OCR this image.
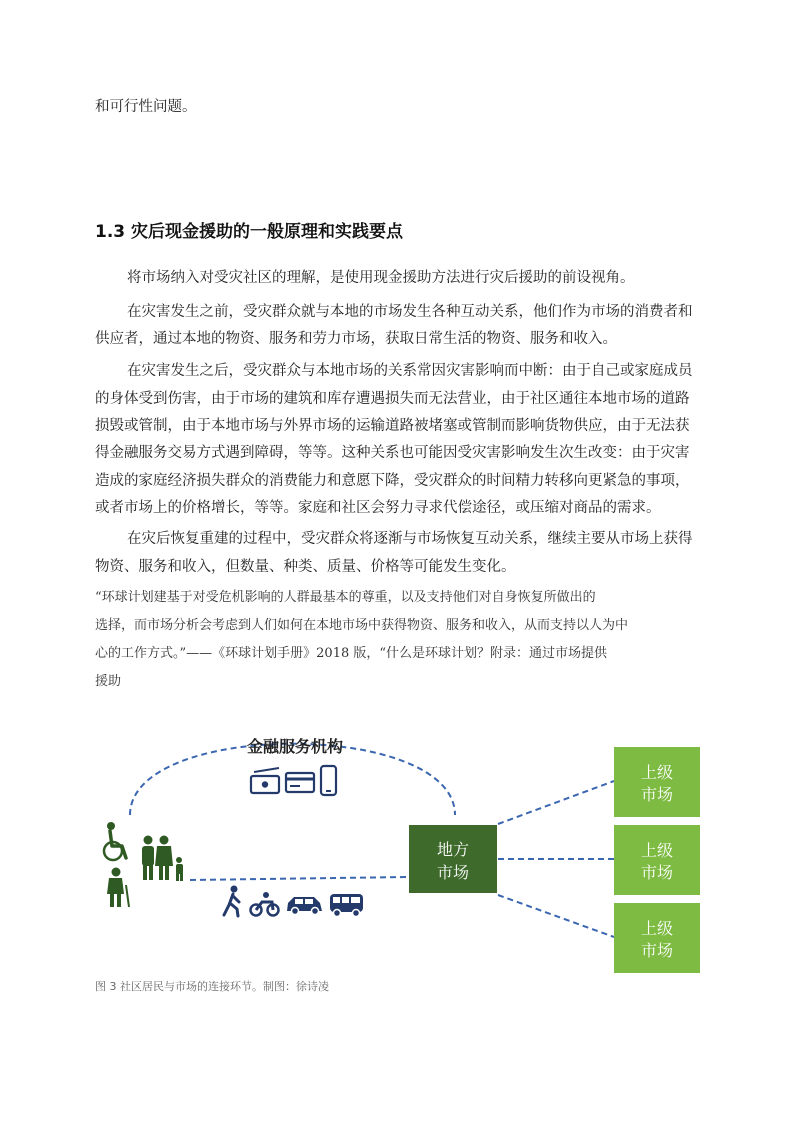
和可行性问题。
1.3 灾后现金援助的一般原理和实践要点
将市场纳入对受灾社区的理解，是使用现金援助方法进行灾后援助的前设视角。
在灾害发生之前，受灾群众就与本地的市场发生各种互动关系，他们作为市场的消费者和
供应者，通过本地的物资、服务和劳力市场，获取日常生活的物资、服务和收入。
在灾害发生之后，受灾群众与本地市场的关系常因灾害影响而中断：由于自己或家庭成员
的身体受到伤害，由于市场的建筑和库存遭遇损失而无法营业，由于社区通往本地市场的道路
损毁或管制，由于本地市场与外界市场的运输道路被堵塞或管制而影响货物供应，由于无法获
得金融服务交易方式遇到障碍，等等。这种关系也可能因受灾害影响发生次生改变：由于灾害
造成的家庭经济损失群众的消费能力和意愿下降，受灾群众的时间精力转移向更紧急的事项，
或者市场上的价格增长，等等。家庭和社区会努力寻求代偿途径，或压缩对商品的需求。
在灾后恢复重建的过程中，受灾群众将逐渐与市场恢复互动关系，继续主要从市场上获得
物资、服务和收入，但数量、种类、质量、价格等可能发生变化。
“环球计划建基于对受危机影响的人群最基本的尊重，以及支持他们对自身恢复所做出的
选择，而市场分析会考虑到人们如何在本地市场中获得物资、服务和收入，从而支持以人为中
心的工作方式。”——《环球计划手册》2018 版，“什么是环球计划？附录：通过市场提供
援助
金融服务机构
地方
市场
上级
市场
上级
市场
上级
市场
图 3 社区居民与市场的连接环节。制图：徐诗凌
